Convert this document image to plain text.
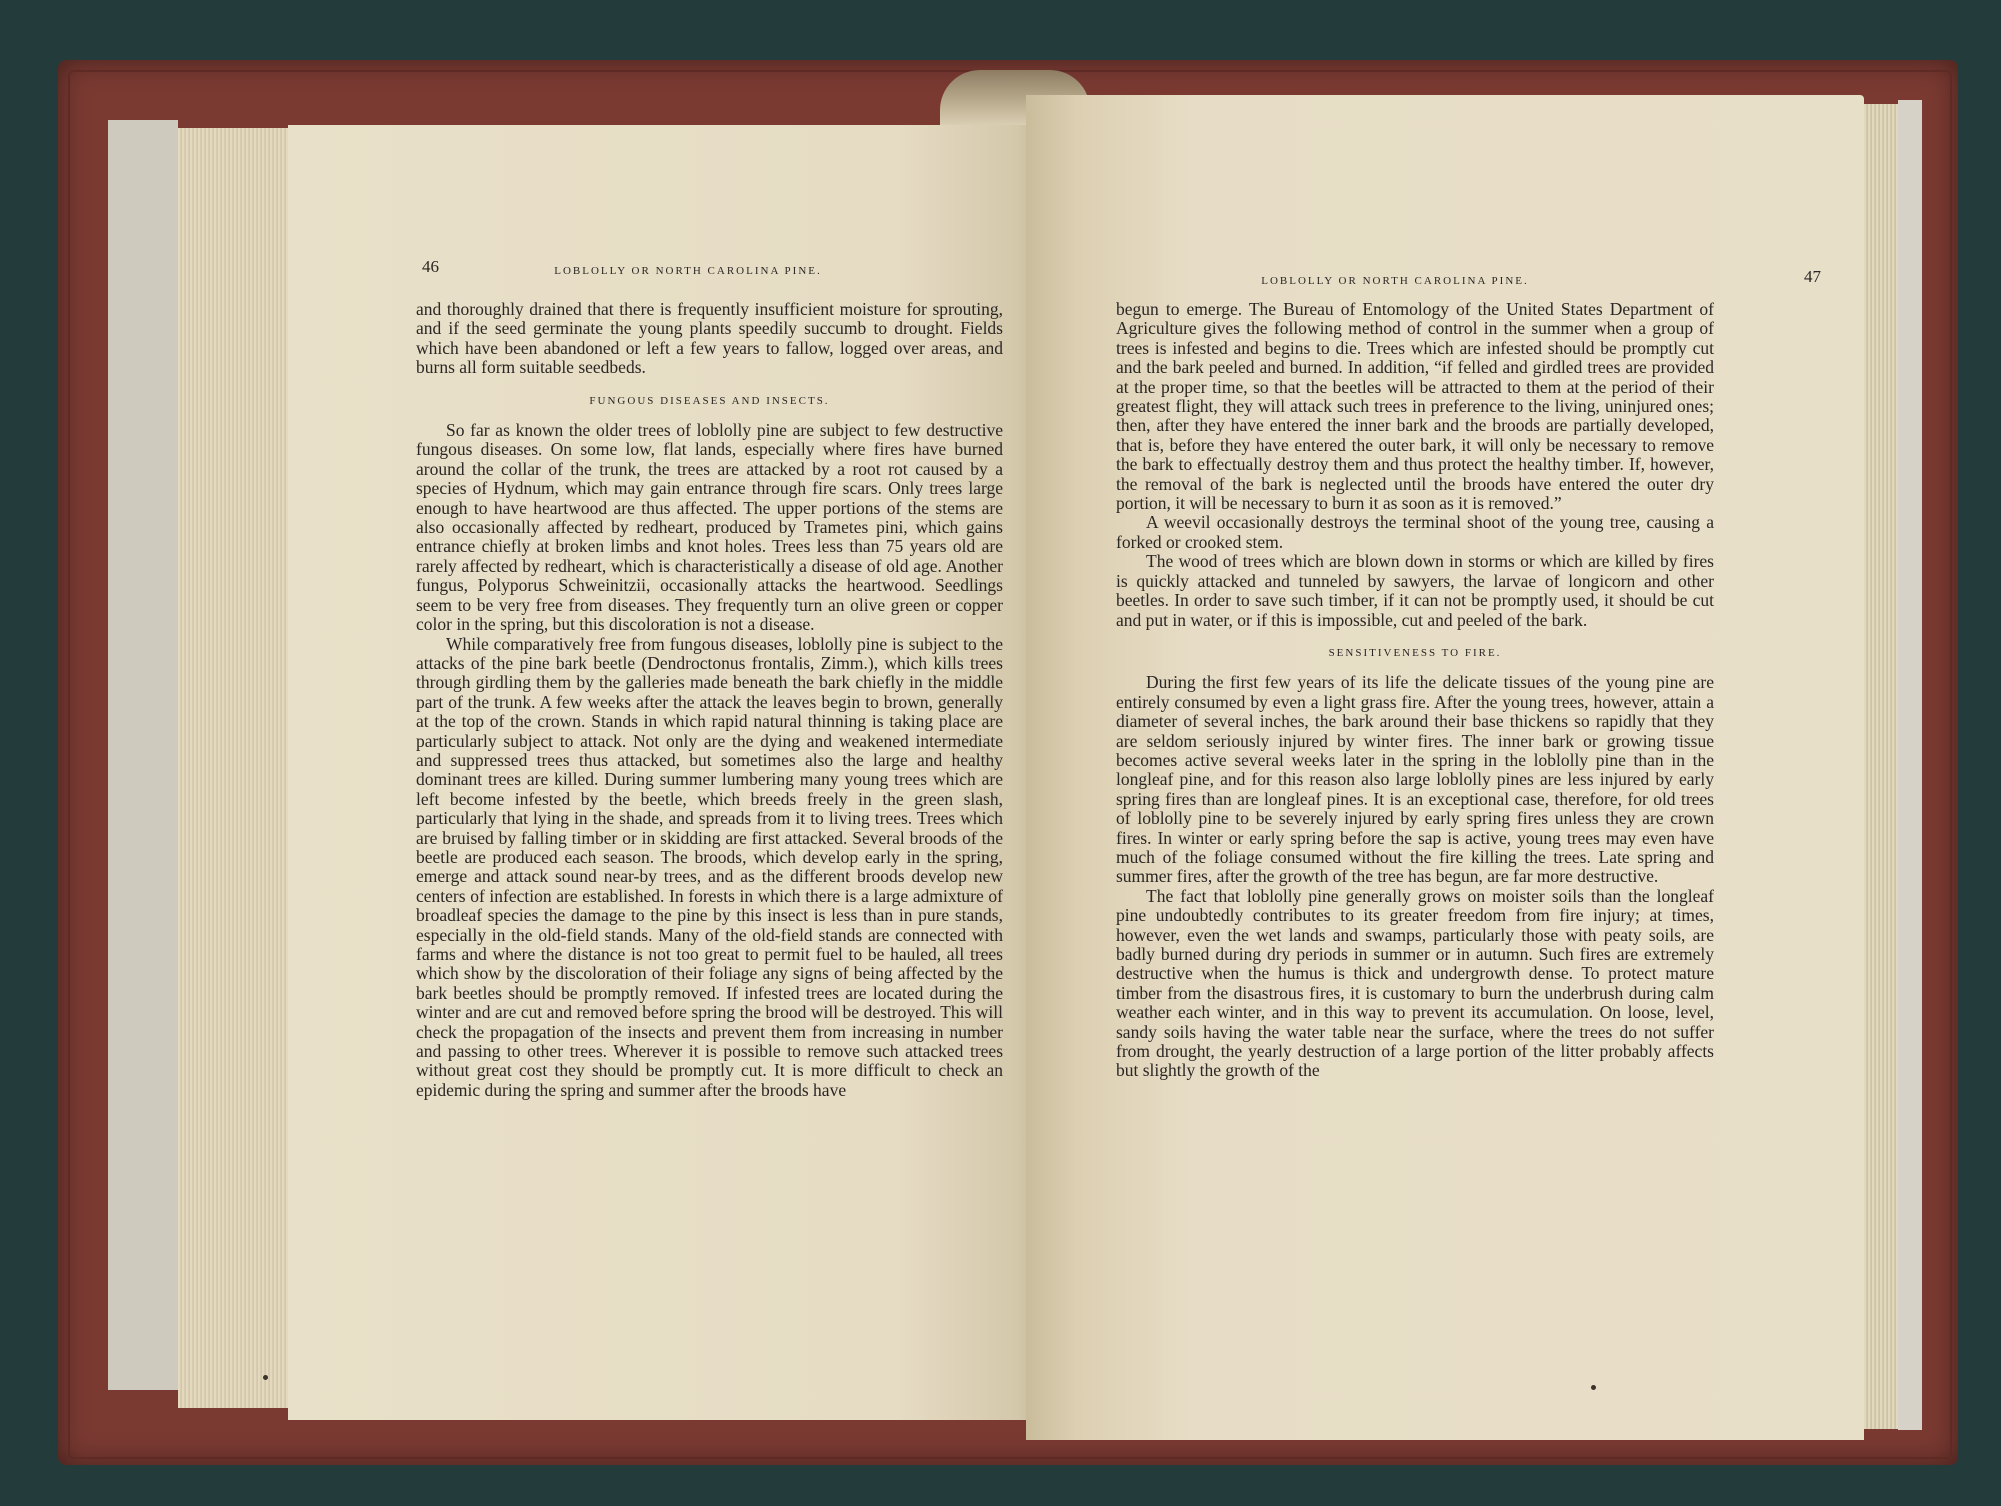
46	LOBLOLLY OR NORTH CAROLINA PINE.

and thoroughly drained that there is frequently insufficient moisture for sprouting, and if the seed germinate the young plants speedily succumb to drought. Fields which have been abandoned or left a few years to fallow, logged over areas, and burns all form suitable seedbeds.

FUNGOUS DISEASES AND INSECTS.

So far as known the older trees of loblolly pine are subject to few destructive fungous diseases. On some low, flat lands, especially where fires have burned around the collar of the trunk, the trees are attacked by a root rot caused by a species of Hydnum, which may gain entrance through fire scars. Only trees large enough to have heartwood are thus affected. The upper portions of the stems are also occasionally affected by redheart, produced by Trametes pini, which gains entrance chiefly at broken limbs and knot holes. Trees less than 75 years old are rarely affected by redheart, which is characteristically a disease of old age. Another fungus, Polyporus Schweinitzii, occasionally attacks the heartwood. Seedlings seem to be very free from diseases. They frequently turn an olive green or copper color in the spring, but this discoloration is not a disease.

While comparatively free from fungous diseases, loblolly pine is subject to the attacks of the pine bark beetle (Dendroctonus frontalis, Zimm.), which kills trees through girdling them by the galleries made beneath the bark chiefly in the middle part of the trunk. A few weeks after the attack the leaves begin to brown, generally at the top of the crown. Stands in which rapid natural thinning is taking place are particularly subject to attack. Not only are the dying and weakened intermediate and suppressed trees thus attacked, but sometimes also the large and healthy dominant trees are killed. During summer lumbering many young trees which are left become infested by the beetle, which breeds freely in the green slash, particularly that lying in the shade, and spreads from it to living trees. Trees which are bruised by falling timber or in skidding are first attacked. Several broods of the beetle are produced each season. The broods, which develop early in the spring, emerge and attack sound near-by trees, and as the different broods develop new centers of infection are established. In forests in which there is a large admixture of broadleaf species the damage to the pine by this insect is less than in pure stands, especially in the old-field stands. Many of the old-field stands are connected with farms and where the distance is not too great to permit fuel to be hauled, all trees which show by the discoloration of their foliage any signs of being affected by the bark beetles should be promptly removed. If infested trees are located during the winter and are cut and removed before spring the brood will be destroyed. This will check the propagation of the insects and prevent them from increasing in number and passing to other trees. Wherever it is possible to remove such attacked trees without great cost they should be promptly cut. It is more difficult to check an epidemic during the spring and summer after the broods have

LOBLOLLY OR NORTH CAROLINA PINE.	47

begun to emerge. The Bureau of Entomology of the United States Department of Agriculture gives the following method of control in the summer when a group of trees is infested and begins to die. Trees which are infested should be promptly cut and the bark peeled and burned. In addition, “if felled and girdled trees are provided at the proper time, so that the beetles will be attracted to them at the period of their greatest flight, they will attack such trees in preference to the living, uninjured ones; then, after they have entered the inner bark and the broods are partially developed, that is, before they have entered the outer bark, it will only be necessary to remove the bark to effectually destroy them and thus protect the healthy timber. If, however, the removal of the bark is neglected until the broods have entered the outer dry portion, it will be necessary to burn it as soon as it is removed.”

A weevil occasionally destroys the terminal shoot of the young tree, causing a forked or crooked stem.

The wood of trees which are blown down in storms or which are killed by fires is quickly attacked and tunneled by sawyers, the larvae of longicorn and other beetles. In order to save such timber, if it can not be promptly used, it should be cut and put in water, or if this is impossible, cut and peeled of the bark.

SENSITIVENESS TO FIRE.

During the first few years of its life the delicate tissues of the young pine are entirely consumed by even a light grass fire. After the young trees, however, attain a diameter of several inches, the bark around their base thickens so rapidly that they are seldom seriously injured by winter fires. The inner bark or growing tissue becomes active several weeks later in the spring in the loblolly pine than in the longleaf pine, and for this reason also large loblolly pines are less injured by early spring fires than are longleaf pines. It is an exceptional case, therefore, for old trees of loblolly pine to be severely injured by early spring fires unless they are crown fires. In winter or early spring before the sap is active, young trees may even have much of the foliage consumed without the fire killing the trees. Late spring and summer fires, after the growth of the tree has begun, are far more destructive.

The fact that loblolly pine generally grows on moister soils than the longleaf pine undoubtedly contributes to its greater freedom from fire injury; at times, however, even the wet lands and swamps, particularly those with peaty soils, are badly burned during dry periods in summer or in autumn. Such fires are extremely destructive when the humus is thick and undergrowth dense. To protect mature timber from the disastrous fires, it is customary to burn the underbrush during calm weather each winter, and in this way to prevent its accumulation. On loose, level, sandy soils having the water table near the surface, where the trees do not suffer from drought, the yearly destruction of a large portion of the litter probably affects but slightly the growth of the
